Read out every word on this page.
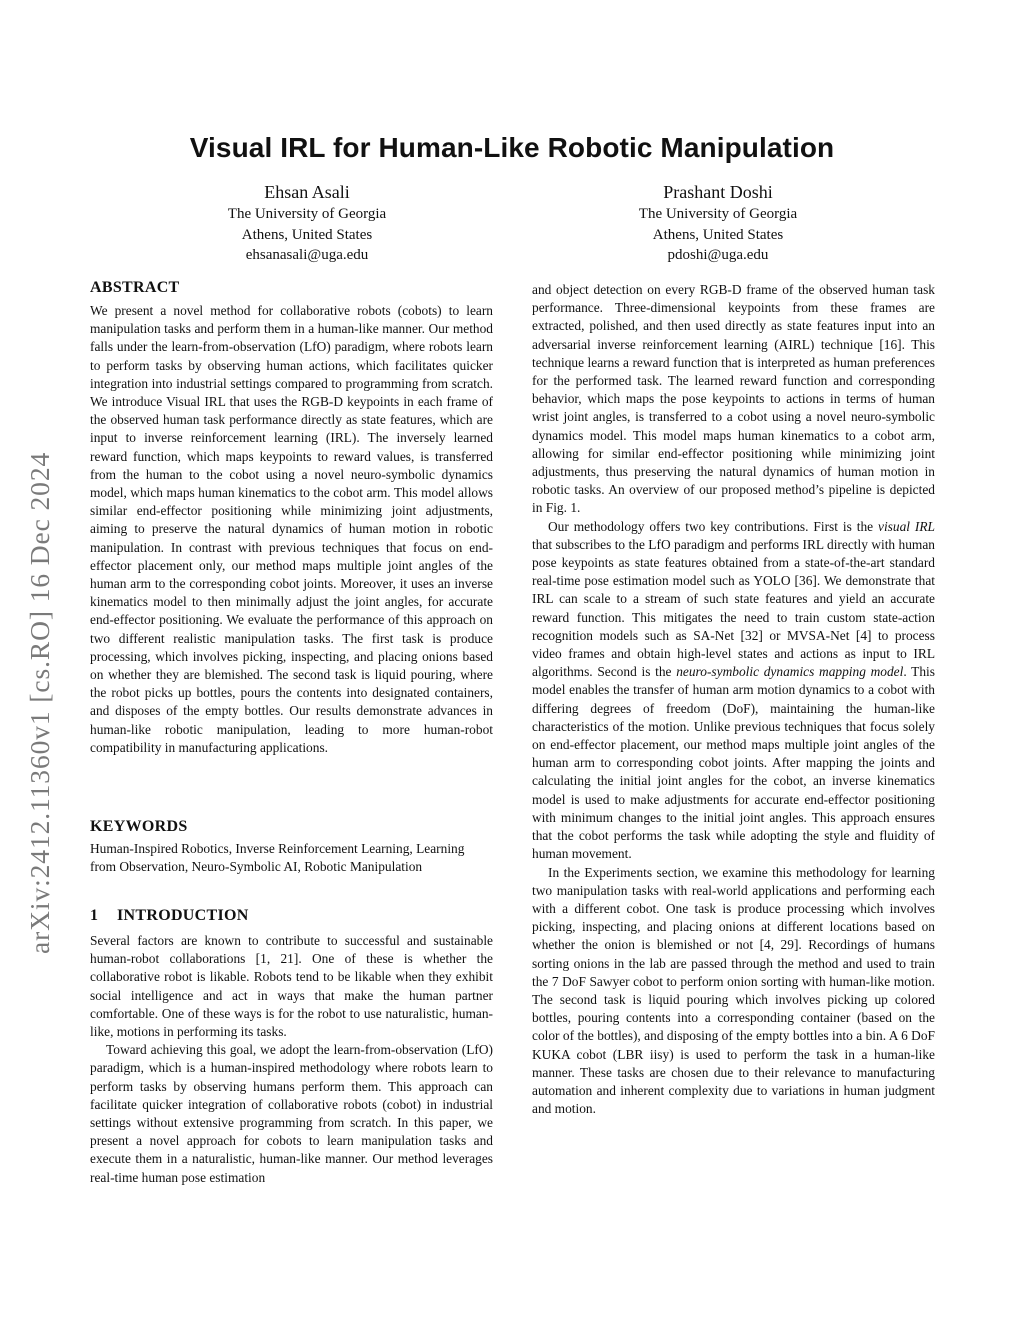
arXiv:2412.11360v1 [cs.RO] 16 Dec 2024
Visual IRL for Human-Like Robotic Manipulation
Ehsan Asali
The University of Georgia
Athens, United States
ehsanasali@uga.edu
Prashant Doshi
The University of Georgia
Athens, United States
pdoshi@uga.edu
ABSTRACT

We present a novel method for collaborative robots (cobots) to learn manipulation tasks and perform them in a human-like manner. Our method falls under the learn-from-observation (LfO) paradigm, where robots learn to perform tasks by observing human actions, which facilitates quicker integration into industrial settings compared to programming from scratch. We introduce Visual IRL that uses the RGB-D keypoints in each frame of the observed human task performance directly as state features, which are input to inverse reinforcement learning (IRL). The inversely learned reward function, which maps keypoints to reward values, is transferred from the human to the cobot using a novel neuro-symbolic dynamics model, which maps human kinematics to the cobot arm. This model allows similar end-effector positioning while minimizing joint adjustments, aiming to preserve the natural dynamics of human motion in robotic manipulation. In contrast with previous techniques that focus on end-effector placement only, our method maps multiple joint angles of the human arm to the corresponding cobot joints. Moreover, it uses an inverse kinematics model to then minimally adjust the joint angles, for accurate end-effector positioning. We evaluate the performance of this approach on two different realistic manipulation tasks. The first task is produce processing, which involves picking, inspecting, and placing onions based on whether they are blemished. The second task is liquid pouring, where the robot picks up bottles, pours the contents into designated containers, and disposes of the empty bottles. Our results demonstrate advances in human-like robotic manipulation, leading to more human-robot compatibility in manufacturing applications.

KEYWORDS

Human-Inspired Robotics, Inverse Reinforcement Learning, Learning from Observation, Neuro-Symbolic AI, Robotic Manipulation

1 INTRODUCTION

Several factors are known to contribute to successful and sustainable human-robot collaborations [1, 21]. One of these is whether the collaborative robot is likable. Robots tend to be likable when they exhibit social intelligence and act in ways that make the human partner comfortable. One of these ways is for the robot to use naturalistic, human-like, motions in performing its tasks.

Toward achieving this goal, we adopt the learn-from-observation (LfO) paradigm, which is a human-inspired methodology where robots learn to perform tasks by observing humans perform them. This approach can facilitate quicker integration of collaborative robots (cobot) in industrial settings without extensive programming from scratch. In this paper, we present a novel approach for cobots to learn manipulation tasks and execute them in a naturalistic, human-like manner. Our method leverages real-time human pose estimation

and object detection on every RGB-D frame of the observed human task performance. Three-dimensional keypoints from these frames are extracted, polished, and then used directly as state features input into an adversarial inverse reinforcement learning (AIRL) technique [16]. This technique learns a reward function that is interpreted as human preferences for the performed task. The learned reward function and corresponding behavior, which maps the pose keypoints to actions in terms of human wrist joint angles, is transferred to a cobot using a novel neuro-symbolic dynamics model. This model maps human kinematics to a cobot arm, allowing for similar end-effector positioning while minimizing joint adjustments, thus preserving the natural dynamics of human motion in robotic tasks. An overview of our proposed method’s pipeline is depicted in Fig. 1.

Our methodology offers two key contributions. First is the visual IRL that subscribes to the LfO paradigm and performs IRL directly with human pose keypoints as state features obtained from a state-of-the-art standard real-time pose estimation model such as YOLO [36]. We demonstrate that IRL can scale to a stream of such state features and yield an accurate reward function. This mitigates the need to train custom state-action recognition models such as SA-Net [32] or MVSA-Net [4] to process video frames and obtain high-level states and actions as input to IRL algorithms. Second is the neuro-symbolic dynamics mapping model. This model enables the transfer of human arm motion dynamics to a cobot with differing degrees of freedom (DoF), maintaining the human-like characteristics of the motion. Unlike previous techniques that focus solely on end-effector placement, our method maps multiple joint angles of the human arm to corresponding cobot joints. After mapping the joints and calculating the initial joint angles for the cobot, an inverse kinematics model is used to make adjustments for accurate end-effector positioning with minimum changes to the initial joint angles. This approach ensures that the cobot performs the task while adopting the style and fluidity of human movement.

In the Experiments section, we examine this methodology for learning two manipulation tasks with real-world applications and performing each with a different cobot. One task is produce processing which involves picking, inspecting, and placing onions at different locations based on whether the onion is blemished or not [4, 29]. Recordings of humans sorting onions in the lab are passed through the method and used to train the 7 DoF Sawyer cobot to perform onion sorting with human-like motion. The second task is liquid pouring which involves picking up colored bottles, pouring contents into a corresponding container (based on the color of the bottles), and disposing of the empty bottles into a bin. A 6 DoF KUKA cobot (LBR iisy) is used to perform the task in a human-like manner. These tasks are chosen due to their relevance to manufacturing automation and inherent complexity due to variations in human judgment and motion.
